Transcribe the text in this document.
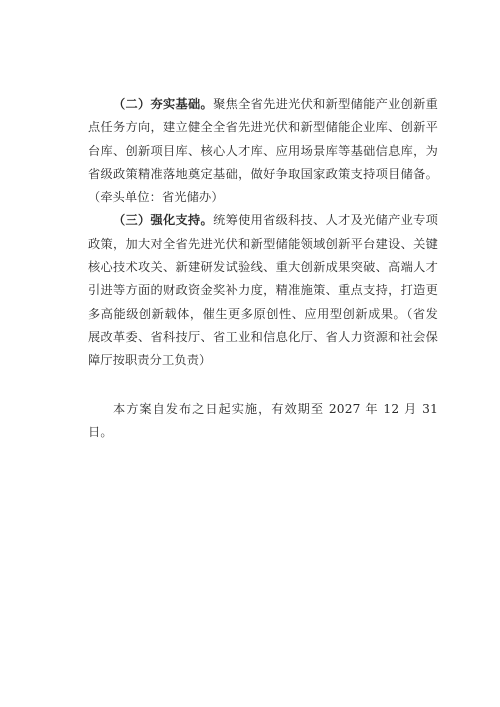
（二）夯实基础。聚焦全省先进光伏和新型储能产业创新重点任务方向，建立健全全省先进光伏和新型储能企业库、创新平台库、创新项目库、核心人才库、应用场景库等基础信息库，为省级政策精准落地奠定基础，做好争取国家政策支持项目储备。（牵头单位：省光储办）

（三）强化支持。统筹使用省级科技、人才及光储产业专项政策，加大对全省先进光伏和新型储能领域创新平台建设、关键核心技术攻关、新建研发试验线、重大创新成果突破、高端人才引进等方面的财政资金奖补力度，精准施策、重点支持，打造更多高能级创新载体，催生更多原创性、应用型创新成果。（省发展改革委、省科技厅、省工业和信息化厅、省人力资源和社会保障厅按职责分工负责）

本方案自发布之日起实施，有效期至 2027 年 12 月 31 日。
